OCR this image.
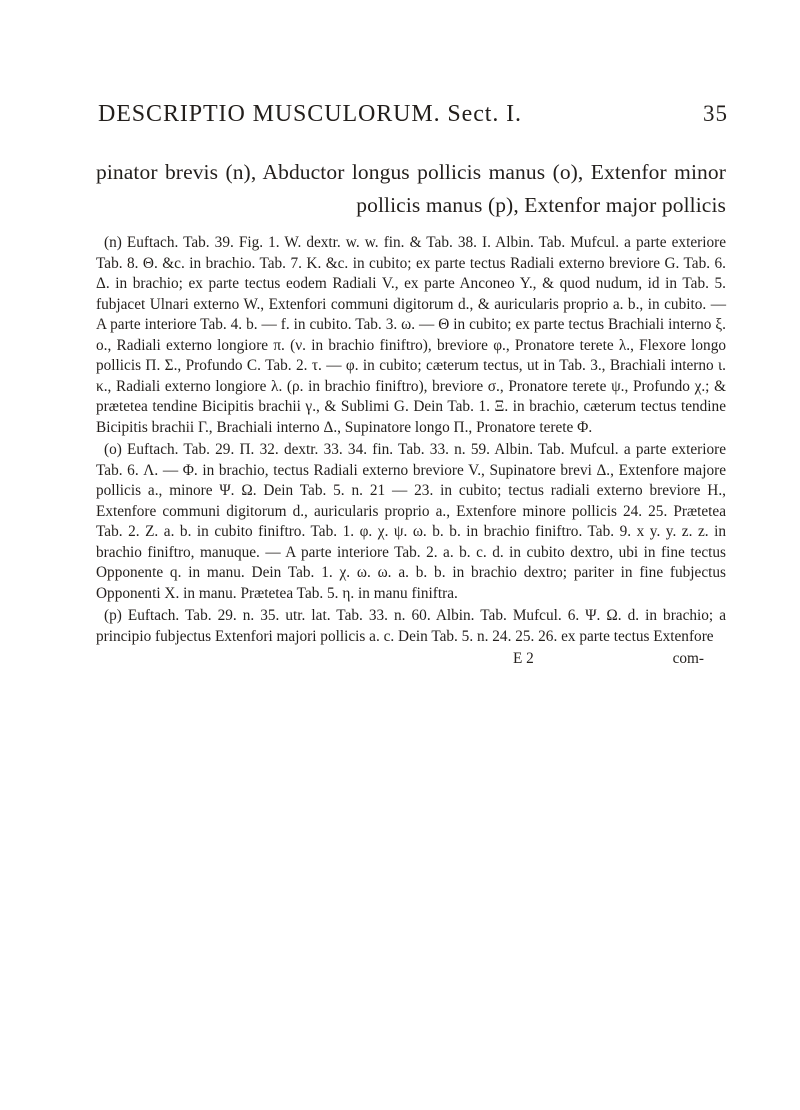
DESCRIPTIO MUSCULORUM. Sect. I.	35

pinator brevis (n), Abductor longus pollicis manus (o), Extenfor minor pollicis manus (p), Extenfor major pollicis

(n) Euftach. Tab. 39. Fig. 1. W. dextr. w. w. fin. & Tab. 38. I. Albin. Tab. Mufcul. a parte exteriore Tab. 8. Θ. &c. in brachio. Tab. 7. K. &c. in cubito; ex parte tectus Radiali externo breviore G. Tab. 6. Δ. in brachio; ex parte tectus eodem Radiali V., ex parte Anconeo Y., & quod nudum, id in Tab. 5. fubjacet Ulnari externo W., Extenfori communi digitorum d., & auricularis proprio a. b., in cubito. — A parte interiore Tab. 4. b. — f. in cubito. Tab. 3. ω. — Θ in cubito; ex parte tectus Brachiali interno ξ. ο., Radiali externo longiore π. (ν. in brachio finiftro), breviore φ., Pronatore terete λ., Flexore longo pollicis Π. Σ., Profundo C. Tab. 2. τ. — φ. in cubito; cæterum tectus, ut in Tab. 3., Brachiali interno ι. κ., Radiali externo longiore λ. (ρ. in brachio finiftro), breviore σ., Pronatore terete ψ., Profundo χ.; & prætetea tendine Bicipitis brachii γ., & Sublimi G. Dein Tab. 1. Ξ. in brachio, cæterum tectus tendine Bicipitis brachii Γ., Brachiali interno Δ., Supinatore longo Π., Pronatore terete Φ.

(o) Euftach. Tab. 29. Π. 32. dextr. 33. 34. fin. Tab. 33. n. 59. Albin. Tab. Mufcul. a parte exteriore Tab. 6. Λ. — Φ. in brachio, tectus Radiali externo breviore V., Supinatore brevi Δ., Extenfore majore pollicis a., minore Ψ. Ω. Dein Tab. 5. n. 21 — 23. in cubito; tectus radiali externo breviore H., Extenfore communi digitorum d., auricularis proprio a., Extenfore minore pollicis 24. 25. Prætetea Tab. 2. Z. a. b. in cubito finiftro. Tab. 1. φ. χ. ψ. ω. b. b. in brachio finiftro. Tab. 9. x y. y. z. z. in brachio finiftro, manuque. — A parte interiore Tab. 2. a. b. c. d. in cubito dextro, ubi in fine tectus Opponente q. in manu. Dein Tab. 1. χ. ω. ω. a. b. b. in brachio dextro; pariter in fine fubjectus Opponenti X. in manu. Prætetea Tab. 5. η. in manu finiftra.

(p) Euftach. Tab. 29. n. 35. utr. lat. Tab. 33. n. 60. Albin. Tab. Mufcul. 6. Ψ. Ω. d. in brachio; a principio fubjectus Extenfori majori pollicis a. c. Dein Tab. 5. n. 24. 25. 26. ex parte tectus Extenfore

E 2	com-
